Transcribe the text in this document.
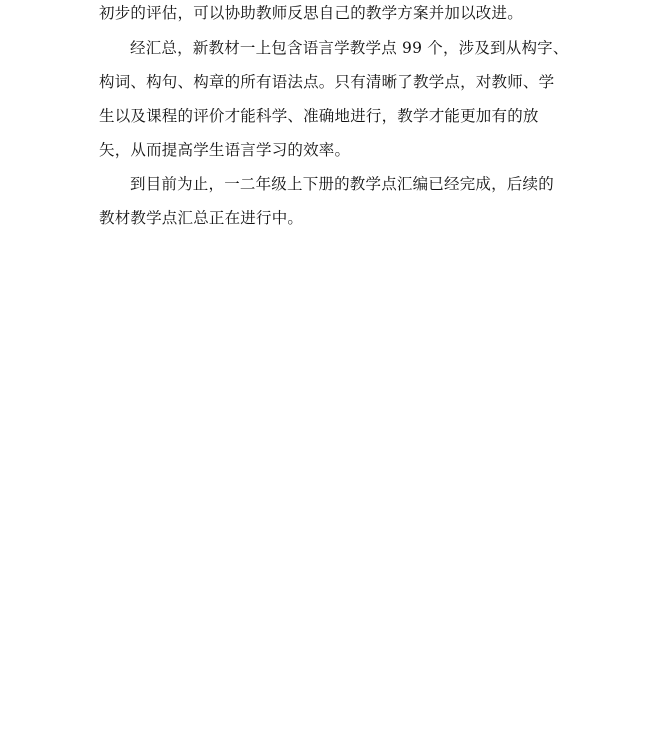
初步的评估，可以协助教师反思自己的教学方案并加以改进。
经汇总，新教材一上包含语言学教学点 99 个，涉及到从构字、
构词、构句、构章的所有语法点。只有清晰了教学点，对教师、学
生以及课程的评价才能科学、准确地进行，教学才能更加有的放
矢，从而提高学生语言学习的效率。
到目前为止，一二年级上下册的教学点汇编已经完成，后续的
教材教学点汇总正在进行中。
